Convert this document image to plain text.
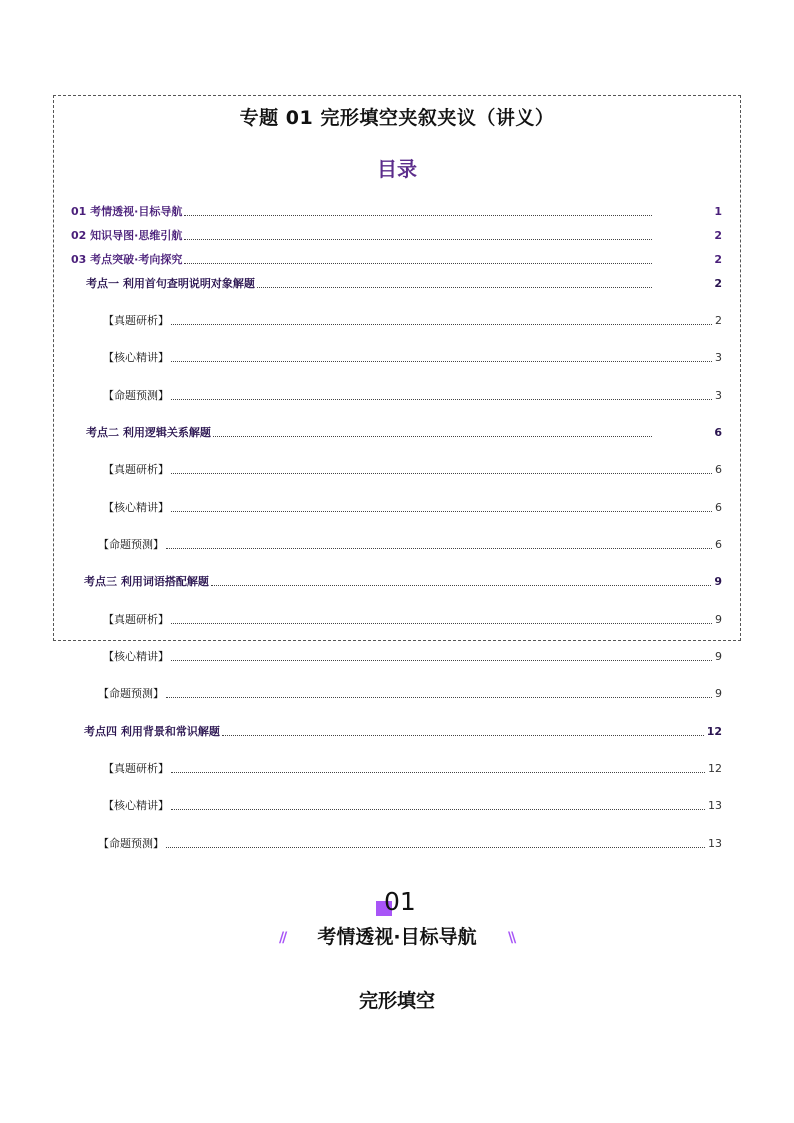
专题 01 完形填空夹叙夹议（讲义）
目录
01 考情透视·目标导航	1
02 知识导图·思维引航	2
03 考点突破·考向探究	2
考点一 利用首句查明说明对象解题	2
【真题研析】	2
【核心精讲】	3
【命题预测】	3
考点二 利用逻辑关系解题	6
【真题研析】	6
【核心精讲】	6
【命题预测】	6
考点三 利用词语搭配解题	9
【真题研析】	9
【核心精讲】	9
【命题预测】	9
考点四 利用背景和常识解题	12
【真题研析】	12
【核心精讲】	13
【命题预测】	13
01
//	考情透视·目标导航	\\
完形填空
